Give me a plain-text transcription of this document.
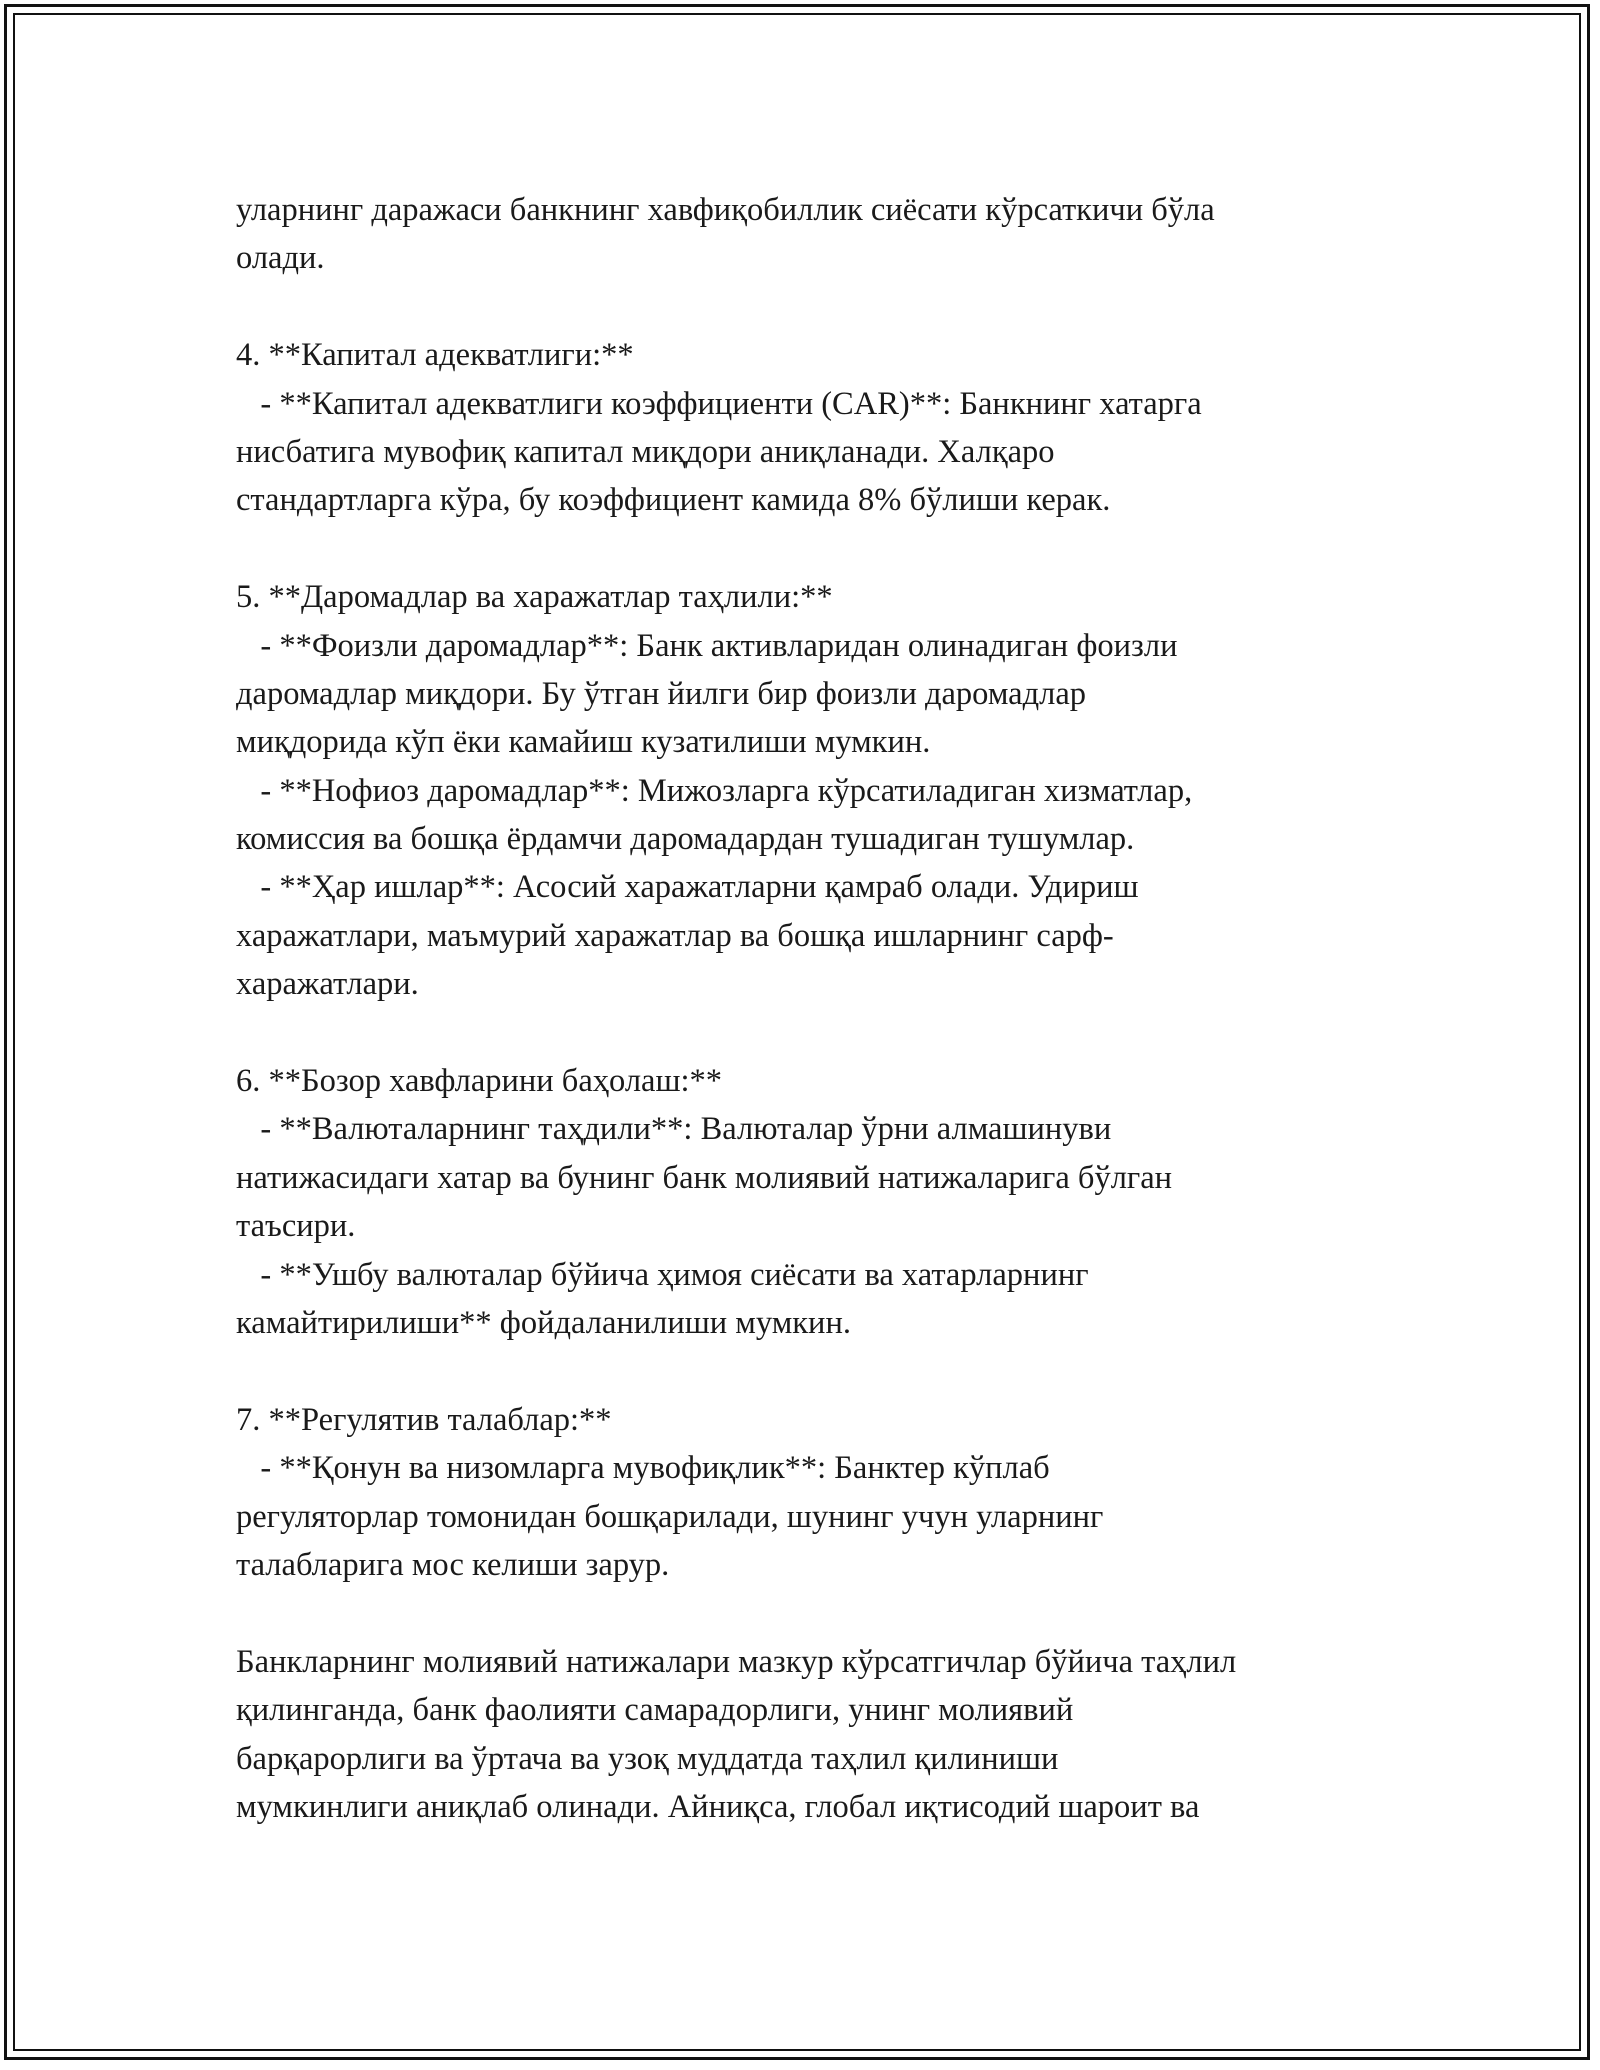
уларнинг даражаси банкнинг хавфиқобиллик сиёсати кўрсаткичи бўла
олади.
4. **Капитал адекватлиги:**
- **Капитал адекватлиги коэффициенти (CAR)**: Банкнинг хатарга
нисбатига мувофиқ капитал миқдори аниқланади. Халқаро
стандартларга кўра, бу коэффициент камида 8% бўлиши керак.
5. **Даромадлар ва харажатлар таҳлили:**
- **Фоизли даромадлар**: Банк активларидан олинадиган фоизли
даромадлар миқдори. Бу ўтган йилги бир фоизли даромадлар
миқдорида кўп ёки камайиш кузатилиши мумкин.
- **Нофиоз даромадлар**: Мижозларга кўрсатиладиган хизматлар,
комиссия ва бошқа ёрдамчи даромадардан тушадиган тушумлар.
- **Ҳар ишлар**: Асосий харажатларни қамраб олади. Удириш
харажатлари, маъмурий харажатлар ва бошқа ишларнинг сарф-
харажатлари.
6. **Бозор хавфларини баҳолаш:**
- **Валюталарнинг таҳдили**: Валюталар ўрни алмашинуви
натижасидаги хатар ва бунинг банк молиявий натижаларига бўлган
таъсири.
- **Ушбу валюталар бўйича ҳимоя сиёсати ва хатарларнинг
камайтирилиши** фойдаланилиши мумкин.
7. **Регулятив талаблар:**
- **Қонун ва низомларга мувофиқлик**: Банктер кўплаб
регуляторлар томонидан бошқарилади, шунинг учун уларнинг
талабларига мос келиши зарур.
Банкларнинг молиявий натижалари мазкур кўрсатгичлар бўйича таҳлил
қилинганда, банк фаолияти самарадорлиги, унинг молиявий
барқарорлиги ва ўртача ва узоқ муддатда таҳлил қилиниши
мумкинлиги аниқлаб олинади. Айниқса, глобал иқтисодий шароит ва
